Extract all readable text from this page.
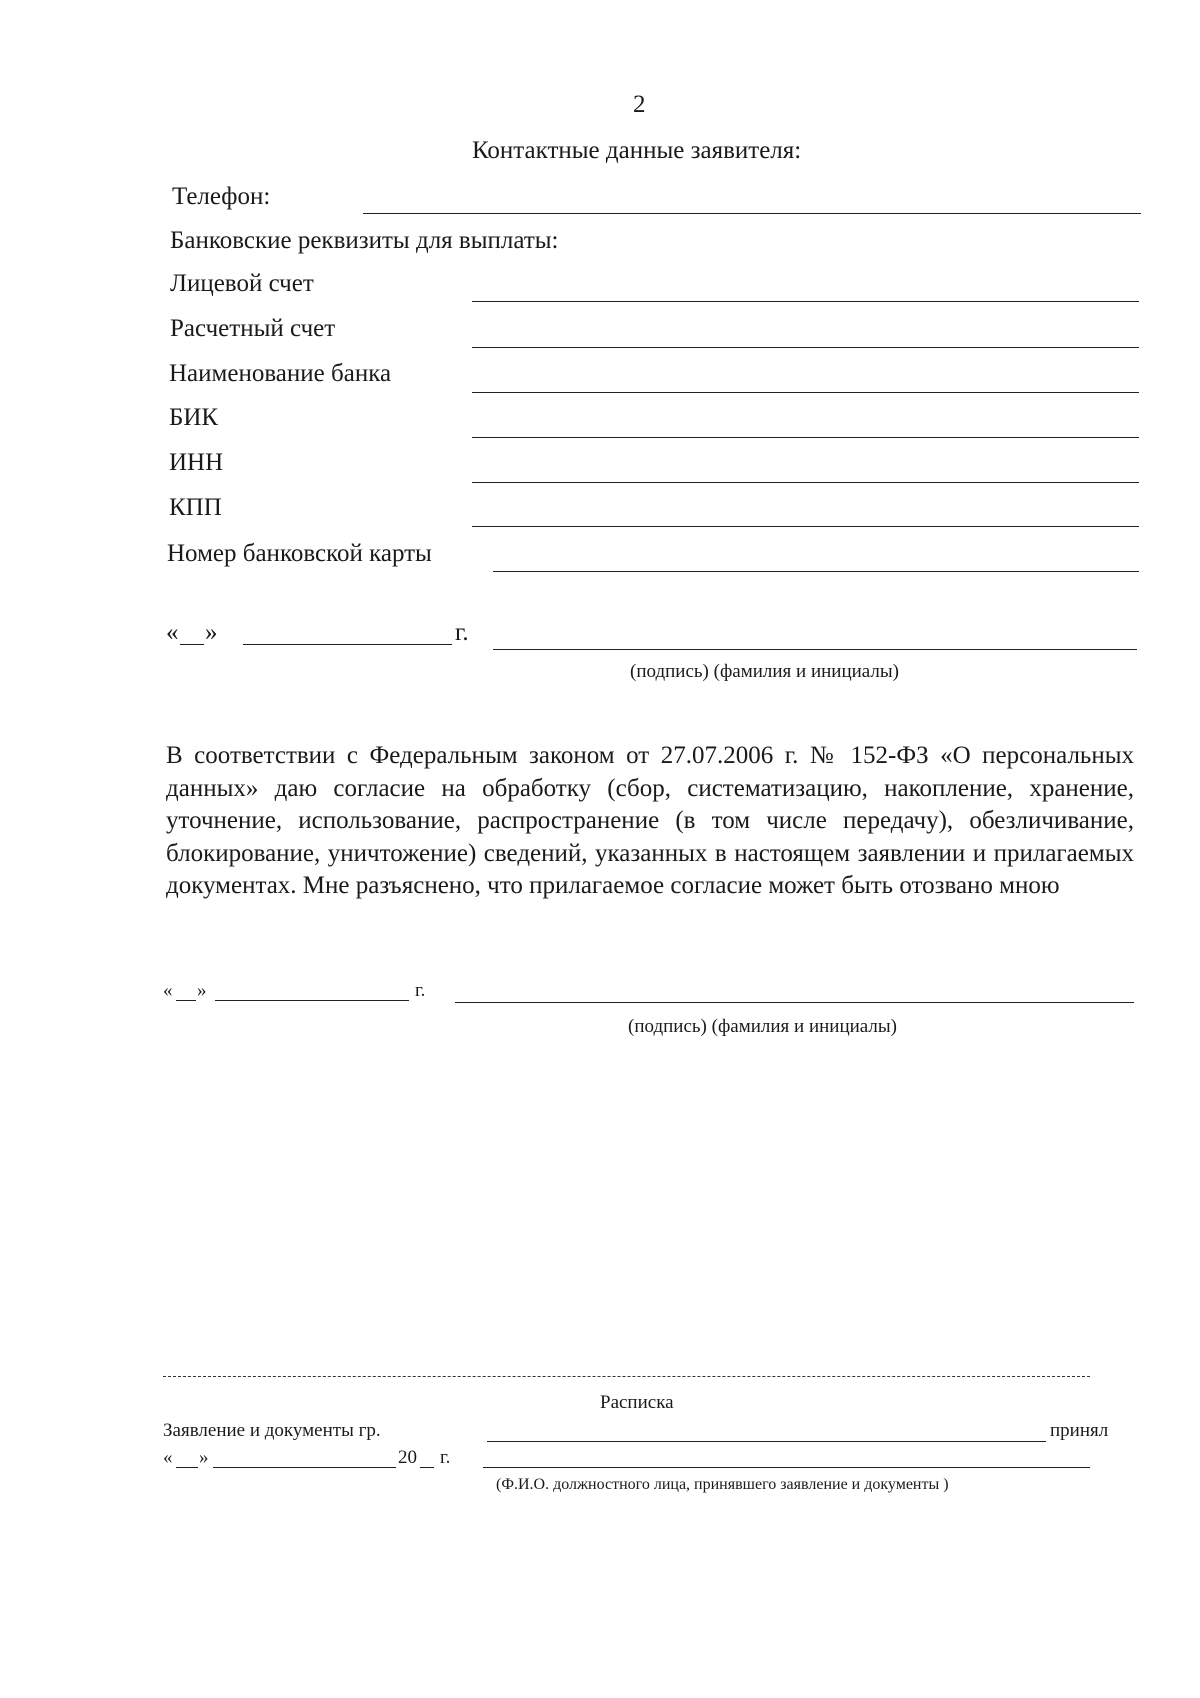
2
Контактные данные заявителя:
Телефон:
Банковские реквизиты для выплаты:
Лицевой счет
Расчетный счет
Наименование банка
БИК
ИНН
КПП
Номер банковской карты
« »	г.
(подпись) (фамилия и инициалы)
В соответствии с Федеральным законом от 27.07.2006 г. № 152-ФЗ «О персональных данных» даю согласие на обработку (сбор, систематизацию, накопление, хранение, уточнение, использование, распространение (в том числе передачу), обезличивание, блокирование, уничтожение) сведений, указанных в настоящем заявлении и прилагаемых документах. Мне разъяснено, что прилагаемое согласие может быть отозвано мною
« »	г.
(подпись) (фамилия и инициалы)
Расписка
Заявление и документы гр.	принял
« »	20 г.
(Ф.И.О. должностного лица, принявшего заявление и документы )
